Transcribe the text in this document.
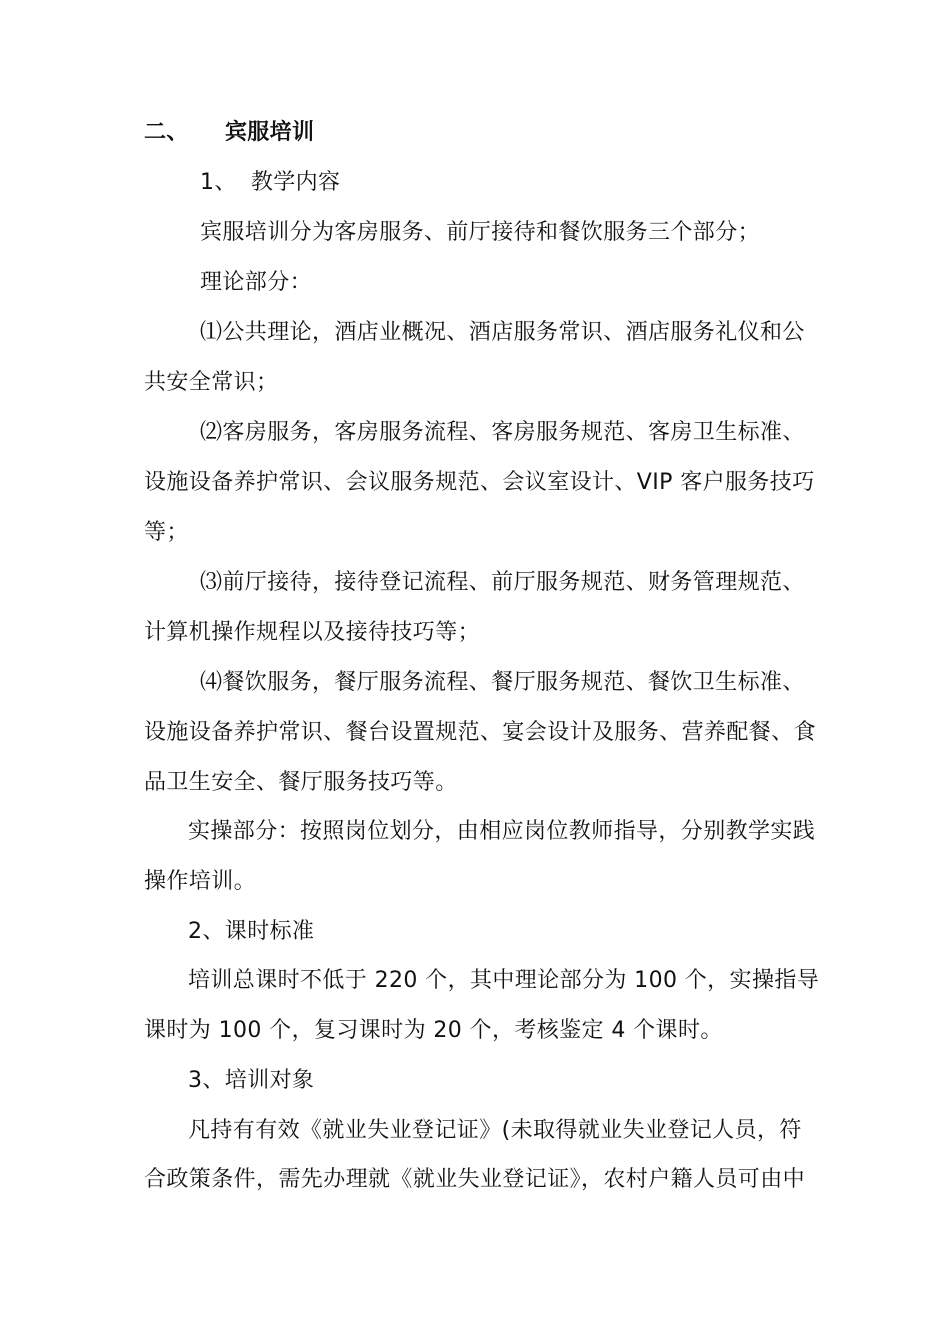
二、 宾服培训
1、 教学内容
宾服培训分为客房服务、前厅接待和餐饮服务三个部分；
理论部分：
⑴公共理论，酒店业概况、酒店服务常识、酒店服务礼仪和公
共安全常识；
⑵客房服务，客房服务流程、客房服务规范、客房卫生标准、
设施设备养护常识、会议服务规范、会议室设计、VIP 客户服务技巧
等；
⑶前厅接待，接待登记流程、前厅服务规范、财务管理规范、
计算机操作规程以及接待技巧等；
⑷餐饮服务，餐厅服务流程、餐厅服务规范、餐饮卫生标准、
设施设备养护常识、餐台设置规范、宴会设计及服务、营养配餐、食
品卫生安全、餐厅服务技巧等。
实操部分：按照岗位划分，由相应岗位教师指导，分别教学实践
操作培训。
2、课时标准
培训总课时不低于 220 个，其中理论部分为 100 个，实操指导
课时为 100 个，复习课时为 20 个，考核鉴定 4 个课时。
3、培训对象
凡持有有效《就业失业登记证》(未取得就业失业登记人员，符
合政策条件，需先办理就《就业失业登记证》，农村户籍人员可由中
